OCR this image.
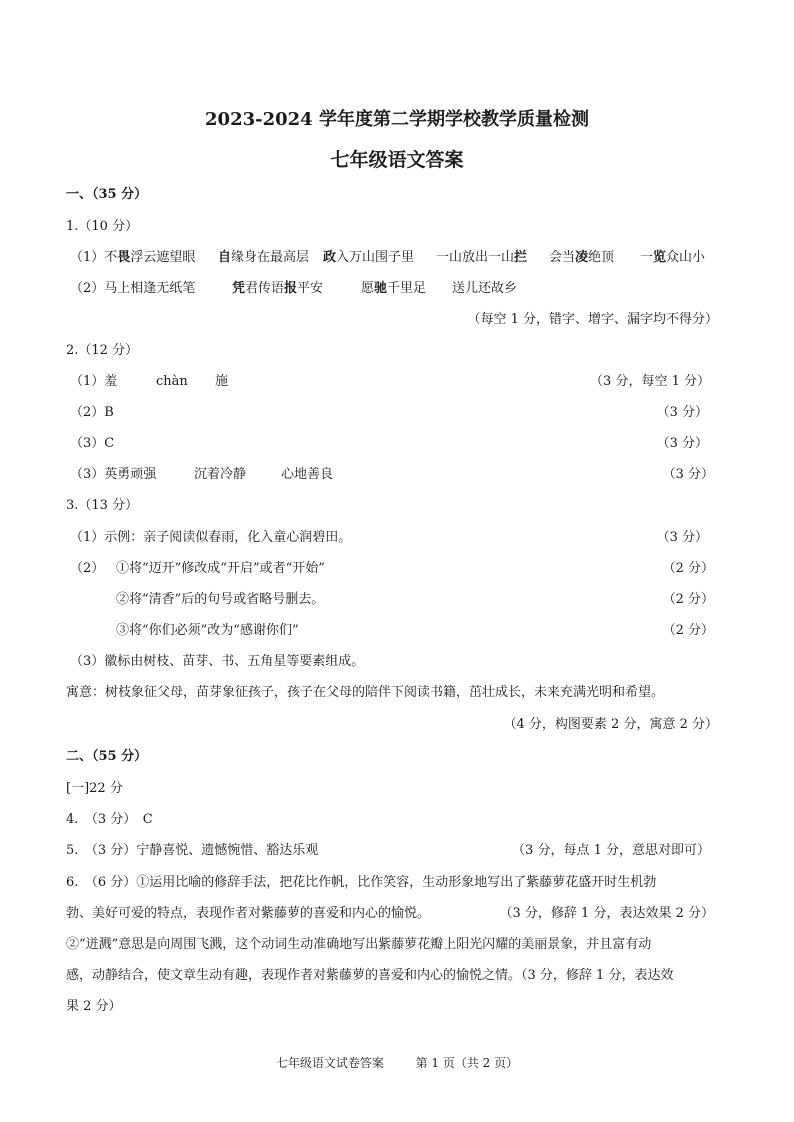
2023-2024 学年度第二学期学校教学质量检测
七年级语文答案
一、（35 分）
1.（10 分）
（1）不畏浮云遮望眼 自缘身在最高层 政入万山围子里 一山放出一山拦 会当凌绝顶 一览众山小
（2）马上相逢无纸笔	凭君传语报平安	愿驰千里足 送儿还故乡
（每空 1 分，错字、增字、漏字均不得分）
2.（12 分）
（1）羞	chàn 施	（3 分，每空 1 分）
（2）B	（3 分）
（3）C	（3 分）
（3）英勇顽强	沉着冷静	心地善良	（3 分）
3.（13 分）
（1）示例：亲子阅读似春雨，化入童心润碧田。	（3 分）
（2） ①将“迈开”修改成“开启”或者“开始”	（2 分）
②将“清香”后的句号或省略号删去。	（2 分）
③将“你们必须”改为“感谢你们”	（2 分）
（3）徽标由树枝、苗芽、书、五角星等要素组成。
寓意：树枝象征父母，苗芽象征孩子，孩子在父母的陪伴下阅读书籍，茁壮成长，未来充满光明和希望。
（4 分，构图要素 2 分，寓意 2 分）
二、（55 分）
[一]22 分
4.　（3 分）　C
5.　（3 分）宁静喜悦、遗憾惋惜、豁达乐观	（3 分，每点 1 分，意思对即可）
6.　（6 分）①运用比喻的修辞手法，把花比作帆，比作笑容，生动形象地写出了紫藤萝花盛开时生机勃
勃、美好可爱的特点，表现作者对紫藤萝的喜爱和内心的愉悦。	（3 分，修辞 1 分，表达效果 2 分）
②“迸溅”意思是向周围飞溅，这个动词生动准确地写出紫藤萝花瓣上阳光闪耀的美丽景象，并且富有动
感，动静结合，使文章生动有趣，表现作者对紫藤萝的喜爱和内心的愉悦之情。（3 分，修辞 1 分，表达效
果 2 分）
七年级语文试卷答案	第 1 页（共 2 页）
